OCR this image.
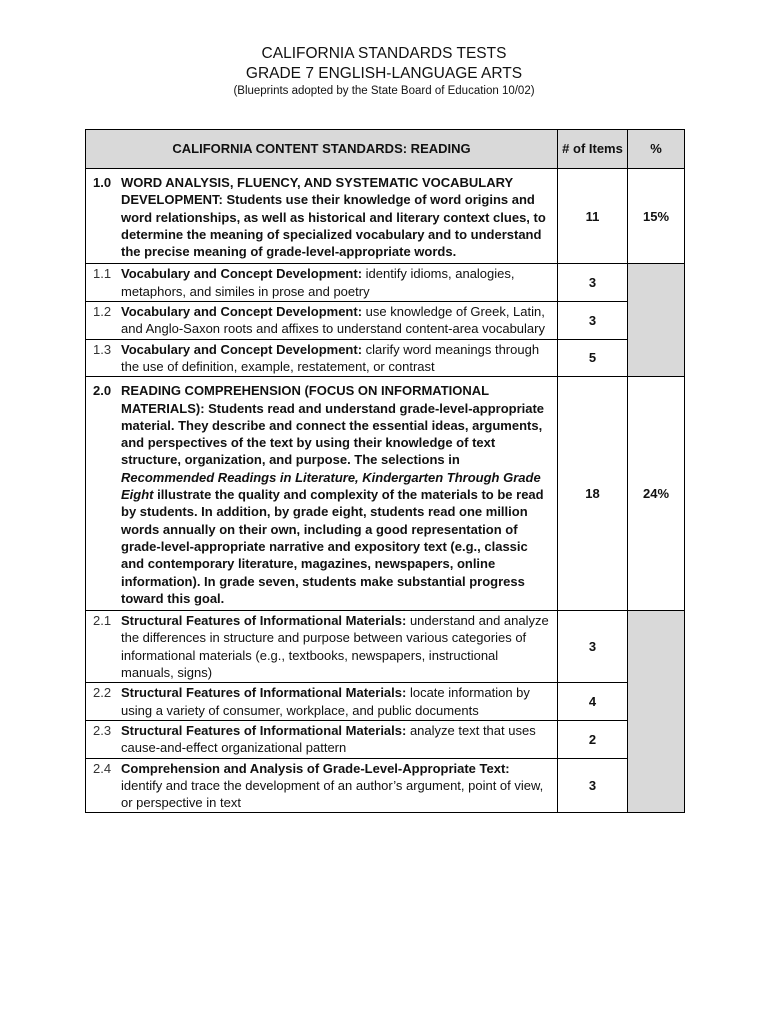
CALIFORNIA STANDARDS TESTS
GRADE 7 ENGLISH-LANGUAGE ARTS
(Blueprints adopted by the State Board of Education 10/02)
CALIFORNIA CONTENT STANDARDS: READING	# of Items	%

1.0 WORD ANALYSIS, FLUENCY, AND SYSTEMATIC VOCABULARY DEVELOPMENT: Students use their knowledge of word origins and word relationships, as well as historical and literary context clues, to determine the meaning of specialized vocabulary and to understand the precise meaning of grade-level-appropriate words.	11	15%

1.1 Vocabulary and Concept Development: identify idioms, analogies, metaphors, and similes in prose and poetry	3	

1.2 Vocabulary and Concept Development: use knowledge of Greek, Latin, and Anglo-Saxon roots and affixes to understand content-area vocabulary	3	

1.3 Vocabulary and Concept Development: clarify word meanings through the use of definition, example, restatement, or contrast	5	

2.0 READING COMPREHENSION (FOCUS ON INFORMATIONAL MATERIALS): Students read and understand grade-level-appropriate material. They describe and connect the essential ideas, arguments, and perspectives of the text by using their knowledge of text structure, organization, and purpose. The selections in Recommended Readings in Literature, Kindergarten Through Grade Eight illustrate the quality and complexity of the materials to be read by students. In addition, by grade eight, students read one million words annually on their own, including a good representation of grade-level-appropriate narrative and expository text (e.g., classic and contemporary literature, magazines, newspapers, online information). In grade seven, students make substantial progress toward this goal.	18	24%

2.1 Structural Features of Informational Materials: understand and analyze the differences in structure and purpose between various categories of informational materials (e.g., textbooks, newspapers, instructional manuals, signs)	3	

2.2 Structural Features of Informational Materials: locate information by using a variety of consumer, workplace, and public documents	4	

2.3 Structural Features of Informational Materials: analyze text that uses cause-and-effect organizational pattern	2	

2.4 Comprehension and Analysis of Grade-Level-Appropriate Text: identify and trace the development of an author’s argument, point of view, or perspective in text	3	
